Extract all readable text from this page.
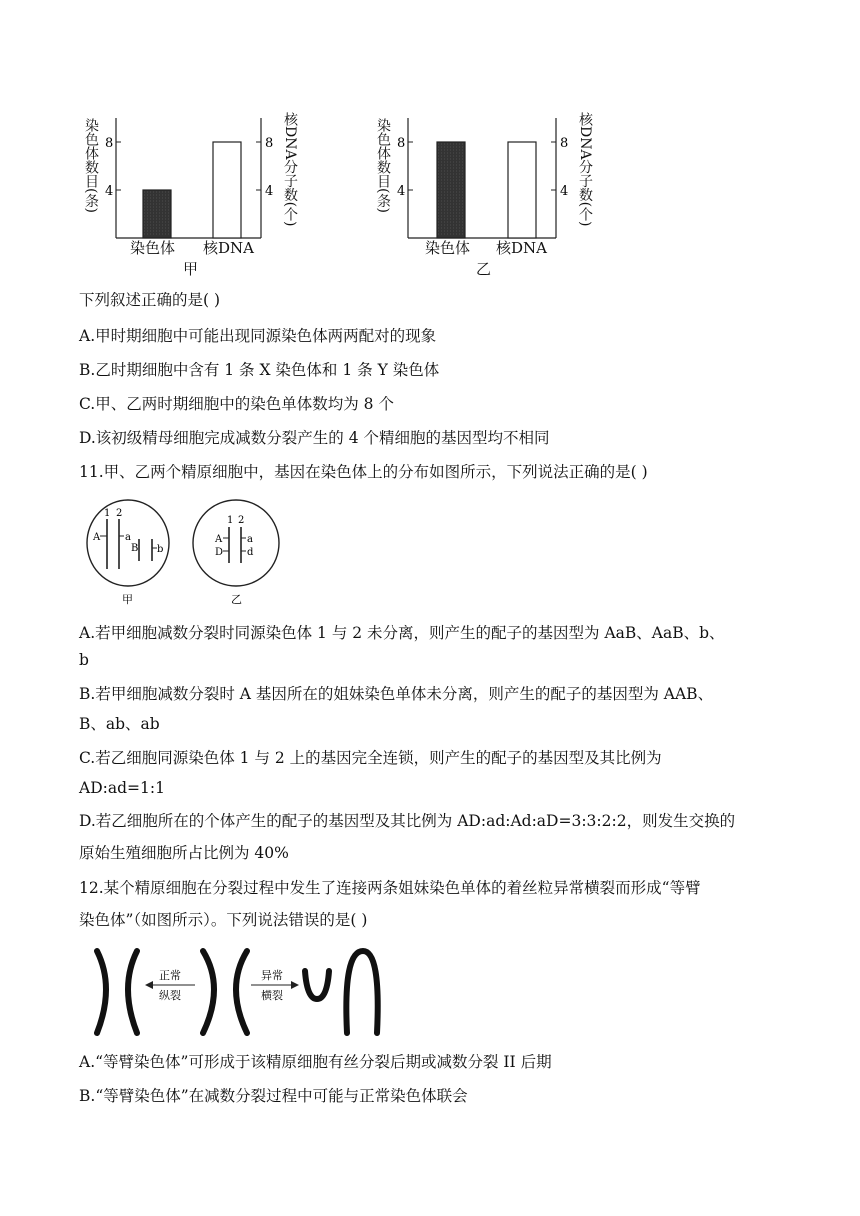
染色体数目(条)	核DNA分子数(个)
4	4
8	8
染色体 核DNA
甲
染色体数目(条)	核DNA分子数(个)
4	4
8	8
染色体 核DNA
乙
下列叙述正确的是( )
A.甲时期细胞中可能出现同源染色体两两配对的现象
B.乙时期细胞中含有 1 条 X 染色体和 1 条 Y 染色体
C.甲、乙两时期细胞中的染色单体数均为 8 个
D.该初级精母细胞完成减数分裂产生的 4 个精细胞的基因型均不相同
11.甲、乙两个精原细胞中，基因在染色体上的分布如图所示，下列说法正确的是( )
1 2
A a
B b
甲
1 2
A
D
a
d
乙
A.若甲细胞减数分裂时同源染色体 1 与 2 未分离，则产生的配子的基因型为 AaB、AaB、b、
b
B.若甲细胞减数分裂时 A 基因所在的姐妹染色单体未分离，则产生的配子的基因型为 AAB、
B、ab、ab
C.若乙细胞同源染色体 1 与 2 上的基因完全连锁，则产生的配子的基因型及其比例为
AD:ad=1:1
D.若乙细胞所在的个体产生的配子的基因型及其比例为 AD:ad:Ad:aD=3:3:2:2，则发生交换的
原始生殖细胞所占比例为 40%
12.某个精原细胞在分裂过程中发生了连接两条姐妹染色单体的着丝粒异常横裂而形成“等臂
染色体”（如图所示）。下列说法错误的是( )
正常
纵裂
异常
横裂
A.“等臂染色体”可形成于该精原细胞有丝分裂后期或减数分裂 II 后期
B.“等臂染色体”在减数分裂过程中可能与正常染色体联会
